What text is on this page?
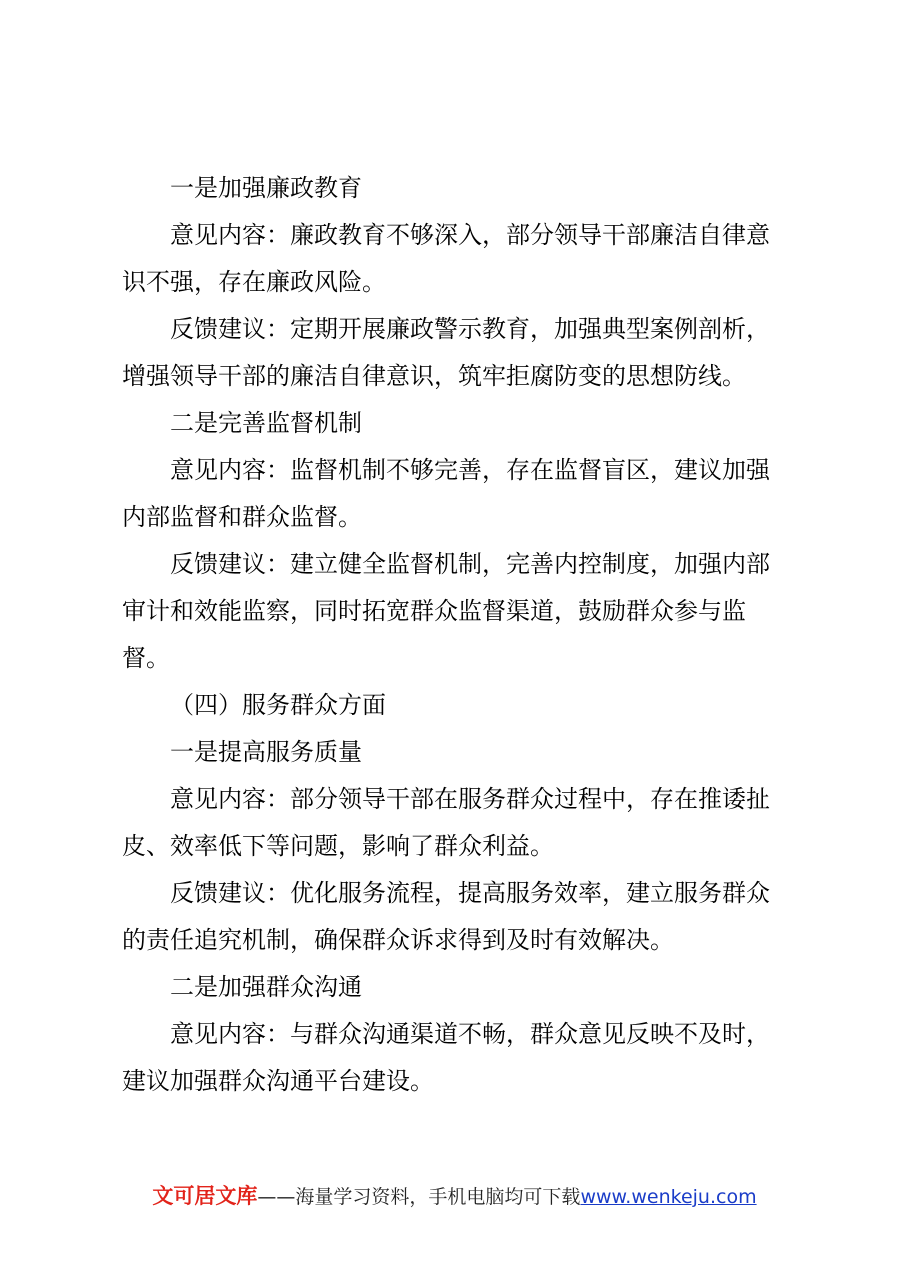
一是加强廉政教育

意见内容：廉政教育不够深入，部分领导干部廉洁自律意识不强，存在廉政风险。

反馈建议：定期开展廉政警示教育，加强典型案例剖析，增强领导干部的廉洁自律意识，筑牢拒腐防变的思想防线。

二是完善监督机制

意见内容：监督机制不够完善，存在监督盲区，建议加强内部监督和群众监督。

反馈建议：建立健全监督机制，完善内控制度，加强内部审计和效能监察，同时拓宽群众监督渠道，鼓励群众参与监督。

（四）服务群众方面

一是提高服务质量

意见内容：部分领导干部在服务群众过程中，存在推诿扯皮、效率低下等问题，影响了群众利益。

反馈建议：优化服务流程，提高服务效率，建立服务群众的责任追究机制，确保群众诉求得到及时有效解决。

二是加强群众沟通

意见内容：与群众沟通渠道不畅，群众意见反映不及时，建议加强群众沟通平台建设。

文可居文库——海量学习资料，手机电脑均可下载www.wenkeju.com
